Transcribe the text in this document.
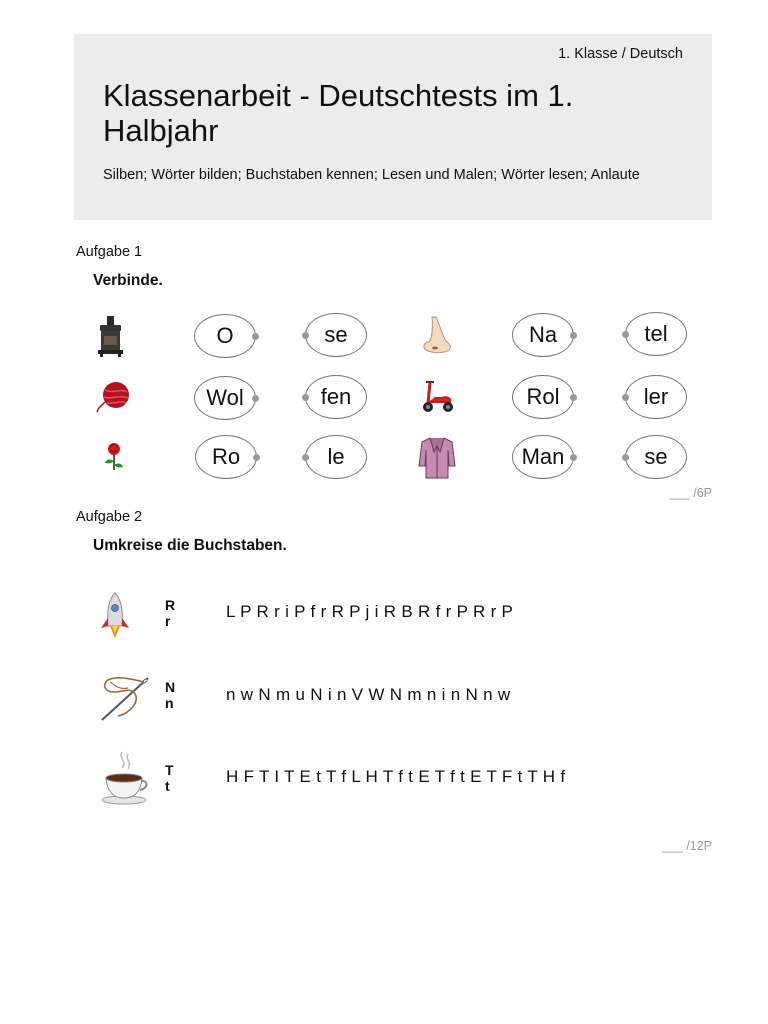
1. Klasse / Deutsch
Klassenarbeit - Deutschtests im 1. Halbjahr
Silben; Wörter bilden; Buchstaben kennen; Lesen und Malen; Wörter lesen; Anlaute
Aufgabe 1
Verbinde.
O	se	Na	tel
Wol	fen	Rol	ler
Ro	le	Man	se
___ /6P
Aufgabe 2
Umkreise die Buchstaben.
R
r	L P R r i P f r R P j i R B R f r P R r P
N
n	n w N m u N i n V W N m n i n N n w
T
t	H F T I T E t T f L H T f t E T f t E T F t T H f
___ /12P
